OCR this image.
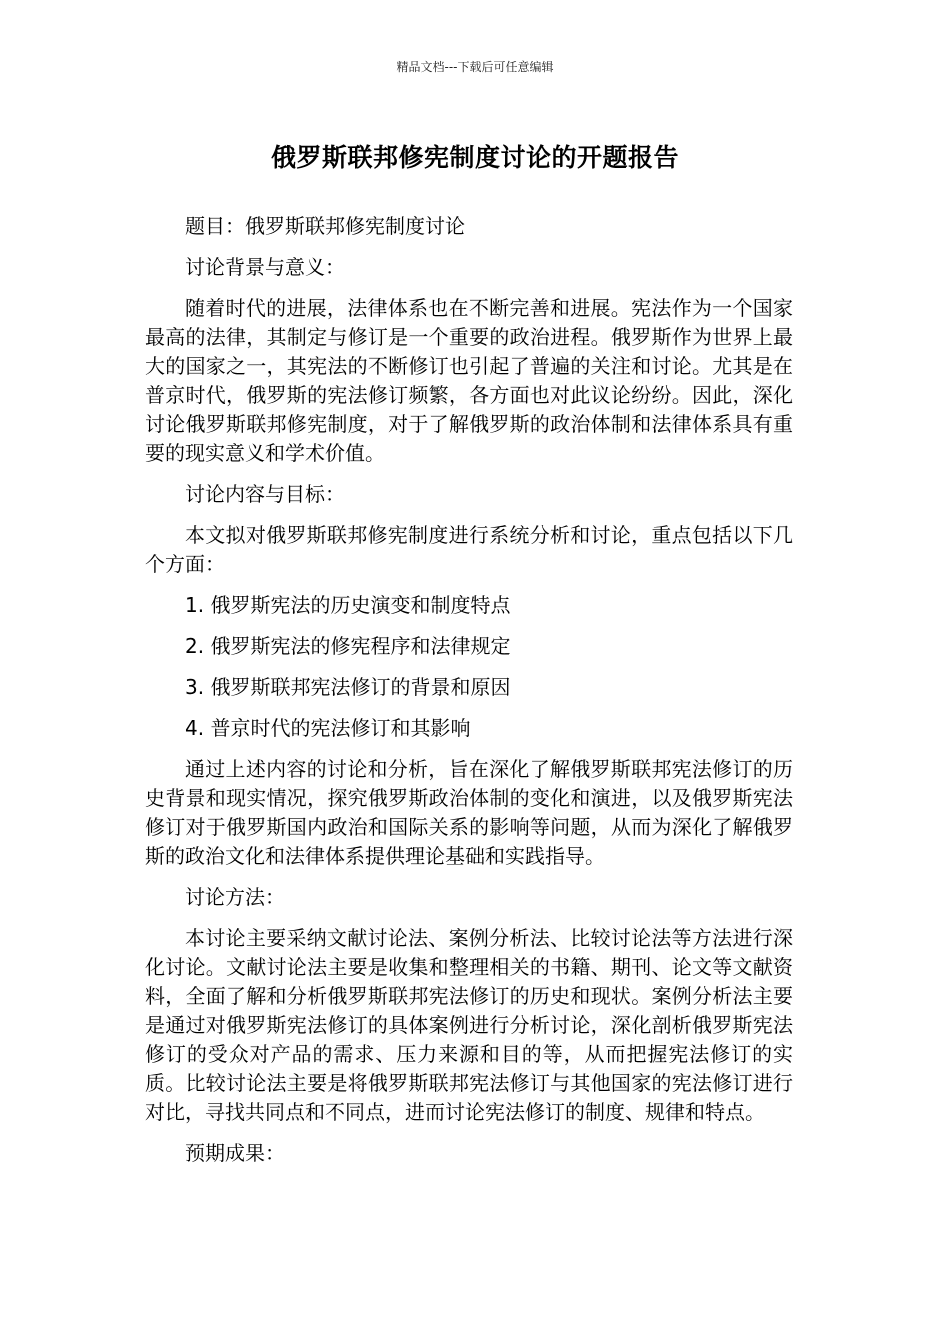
精品文档---下载后可任意编辑
俄罗斯联邦修宪制度讨论的开题报告

题目：俄罗斯联邦修宪制度讨论

讨论背景与意义：

随着时代的进展，法律体系也在不断完善和进展。宪法作为一个国家最高的法律，其制定与修订是一个重要的政治进程。俄罗斯作为世界上最大的国家之一，其宪法的不断修订也引起了普遍的关注和讨论。尤其是在普京时代，俄罗斯的宪法修订频繁，各方面也对此议论纷纷。因此，深化讨论俄罗斯联邦修宪制度，对于了解俄罗斯的政治体制和法律体系具有重要的现实意义和学术价值。

讨论内容与目标：

本文拟对俄罗斯联邦修宪制度进行系统分析和讨论，重点包括以下几个方面：

1. 俄罗斯宪法的历史演变和制度特点

2. 俄罗斯宪法的修宪程序和法律规定

3. 俄罗斯联邦宪法修订的背景和原因

4. 普京时代的宪法修订和其影响

通过上述内容的讨论和分析，旨在深化了解俄罗斯联邦宪法修订的历史背景和现实情况，探究俄罗斯政治体制的变化和演进，以及俄罗斯宪法修订对于俄罗斯国内政治和国际关系的影响等问题，从而为深化了解俄罗斯的政治文化和法律体系提供理论基础和实践指导。

讨论方法：

本讨论主要采纳文献讨论法、案例分析法、比较讨论法等方法进行深化讨论。文献讨论法主要是收集和整理相关的书籍、期刊、论文等文献资料，全面了解和分析俄罗斯联邦宪法修订的历史和现状。案例分析法主要是通过对俄罗斯宪法修订的具体案例进行分析讨论，深化剖析俄罗斯宪法修订的受众对产品的需求、压力来源和目的等，从而把握宪法修订的实质。比较讨论法主要是将俄罗斯联邦宪法修订与其他国家的宪法修订进行对比，寻找共同点和不同点，进而讨论宪法修订的制度、规律和特点。

预期成果：
